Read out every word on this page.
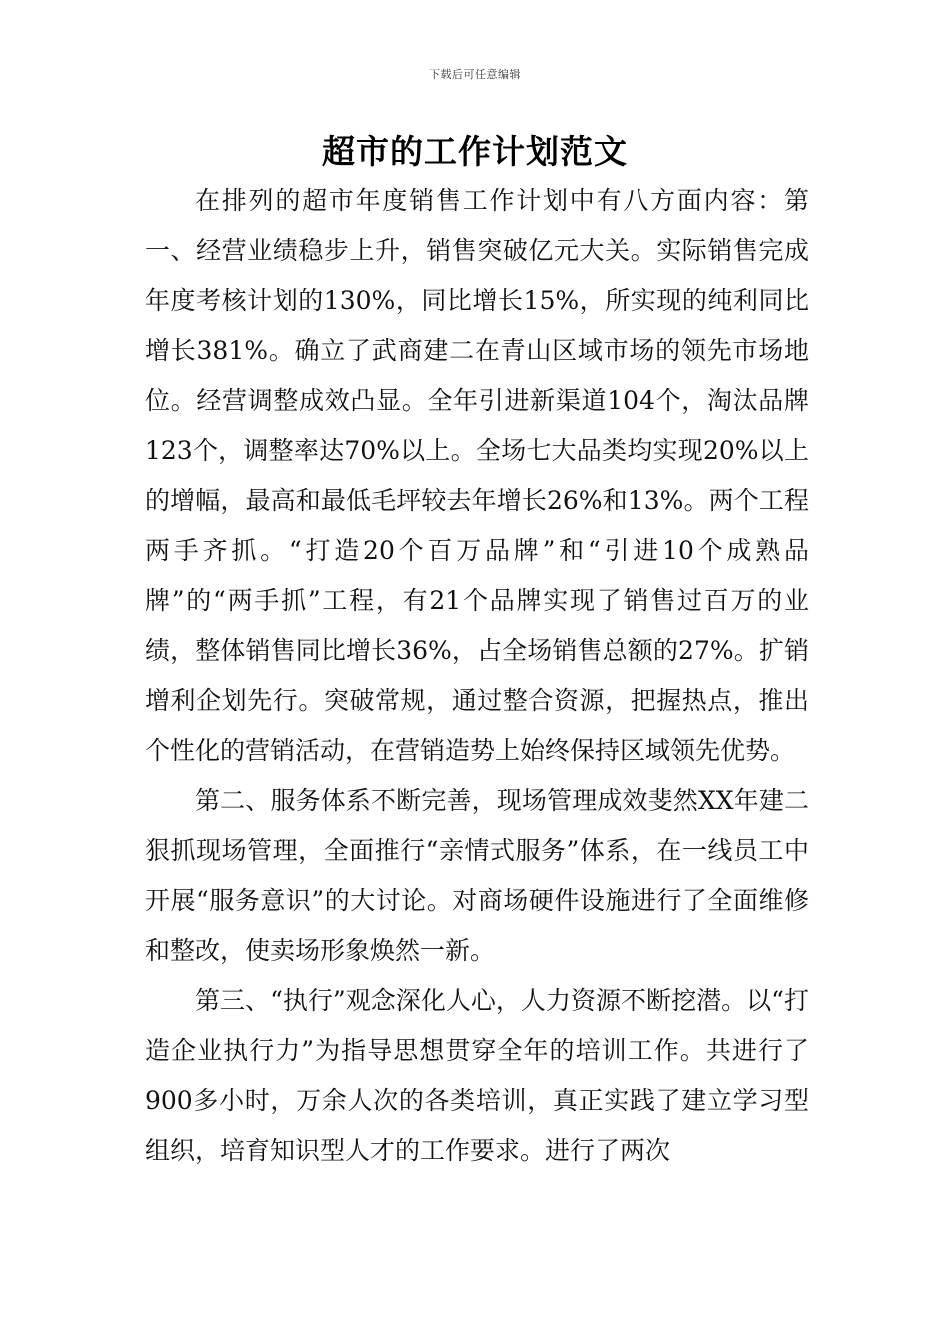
下载后可任意编辑
超市的工作计划范文

在排列的超市年度销售工作计划中有八方面内容：第一、经营业绩稳步上升，销售突破亿元大关。实际销售完成年度考核计划的130%，同比增长15%，所实现的纯利同比增长381%。确立了武商建二在青山区域市场的领先市场地位。经营调整成效凸显。全年引进新渠道104个，淘汰品牌123个，调整率达70%以上。全场七大品类均实现20%以上的增幅，最高和最低毛坪较去年增长26%和13%。两个工程两手齐抓。“打造20个百万品牌”和“引进10个成熟品牌”的“两手抓”工程，有21个品牌实现了销售过百万的业绩，整体销售同比增长36%，占全场销售总额的27%。扩销增利企划先行。突破常规，通过整合资源，把握热点，推出个性化的营销活动，在营销造势上始终保持区域领先优势。

第二、服务体系不断完善，现场管理成效斐然XX年建二狠抓现场管理，全面推行“亲情式服务”体系，在一线员工中开展“服务意识”的大讨论。对商场硬件设施进行了全面维修和整改，使卖场形象焕然一新。

第三、“执行”观念深化人心，人力资源不断挖潜。以“打造企业执行力”为指导思想贯穿全年的培训工作。共进行了900多小时，万余人次的各类培训，真正实践了建立学习型组织，培育知识型人才的工作要求。进行了两次
